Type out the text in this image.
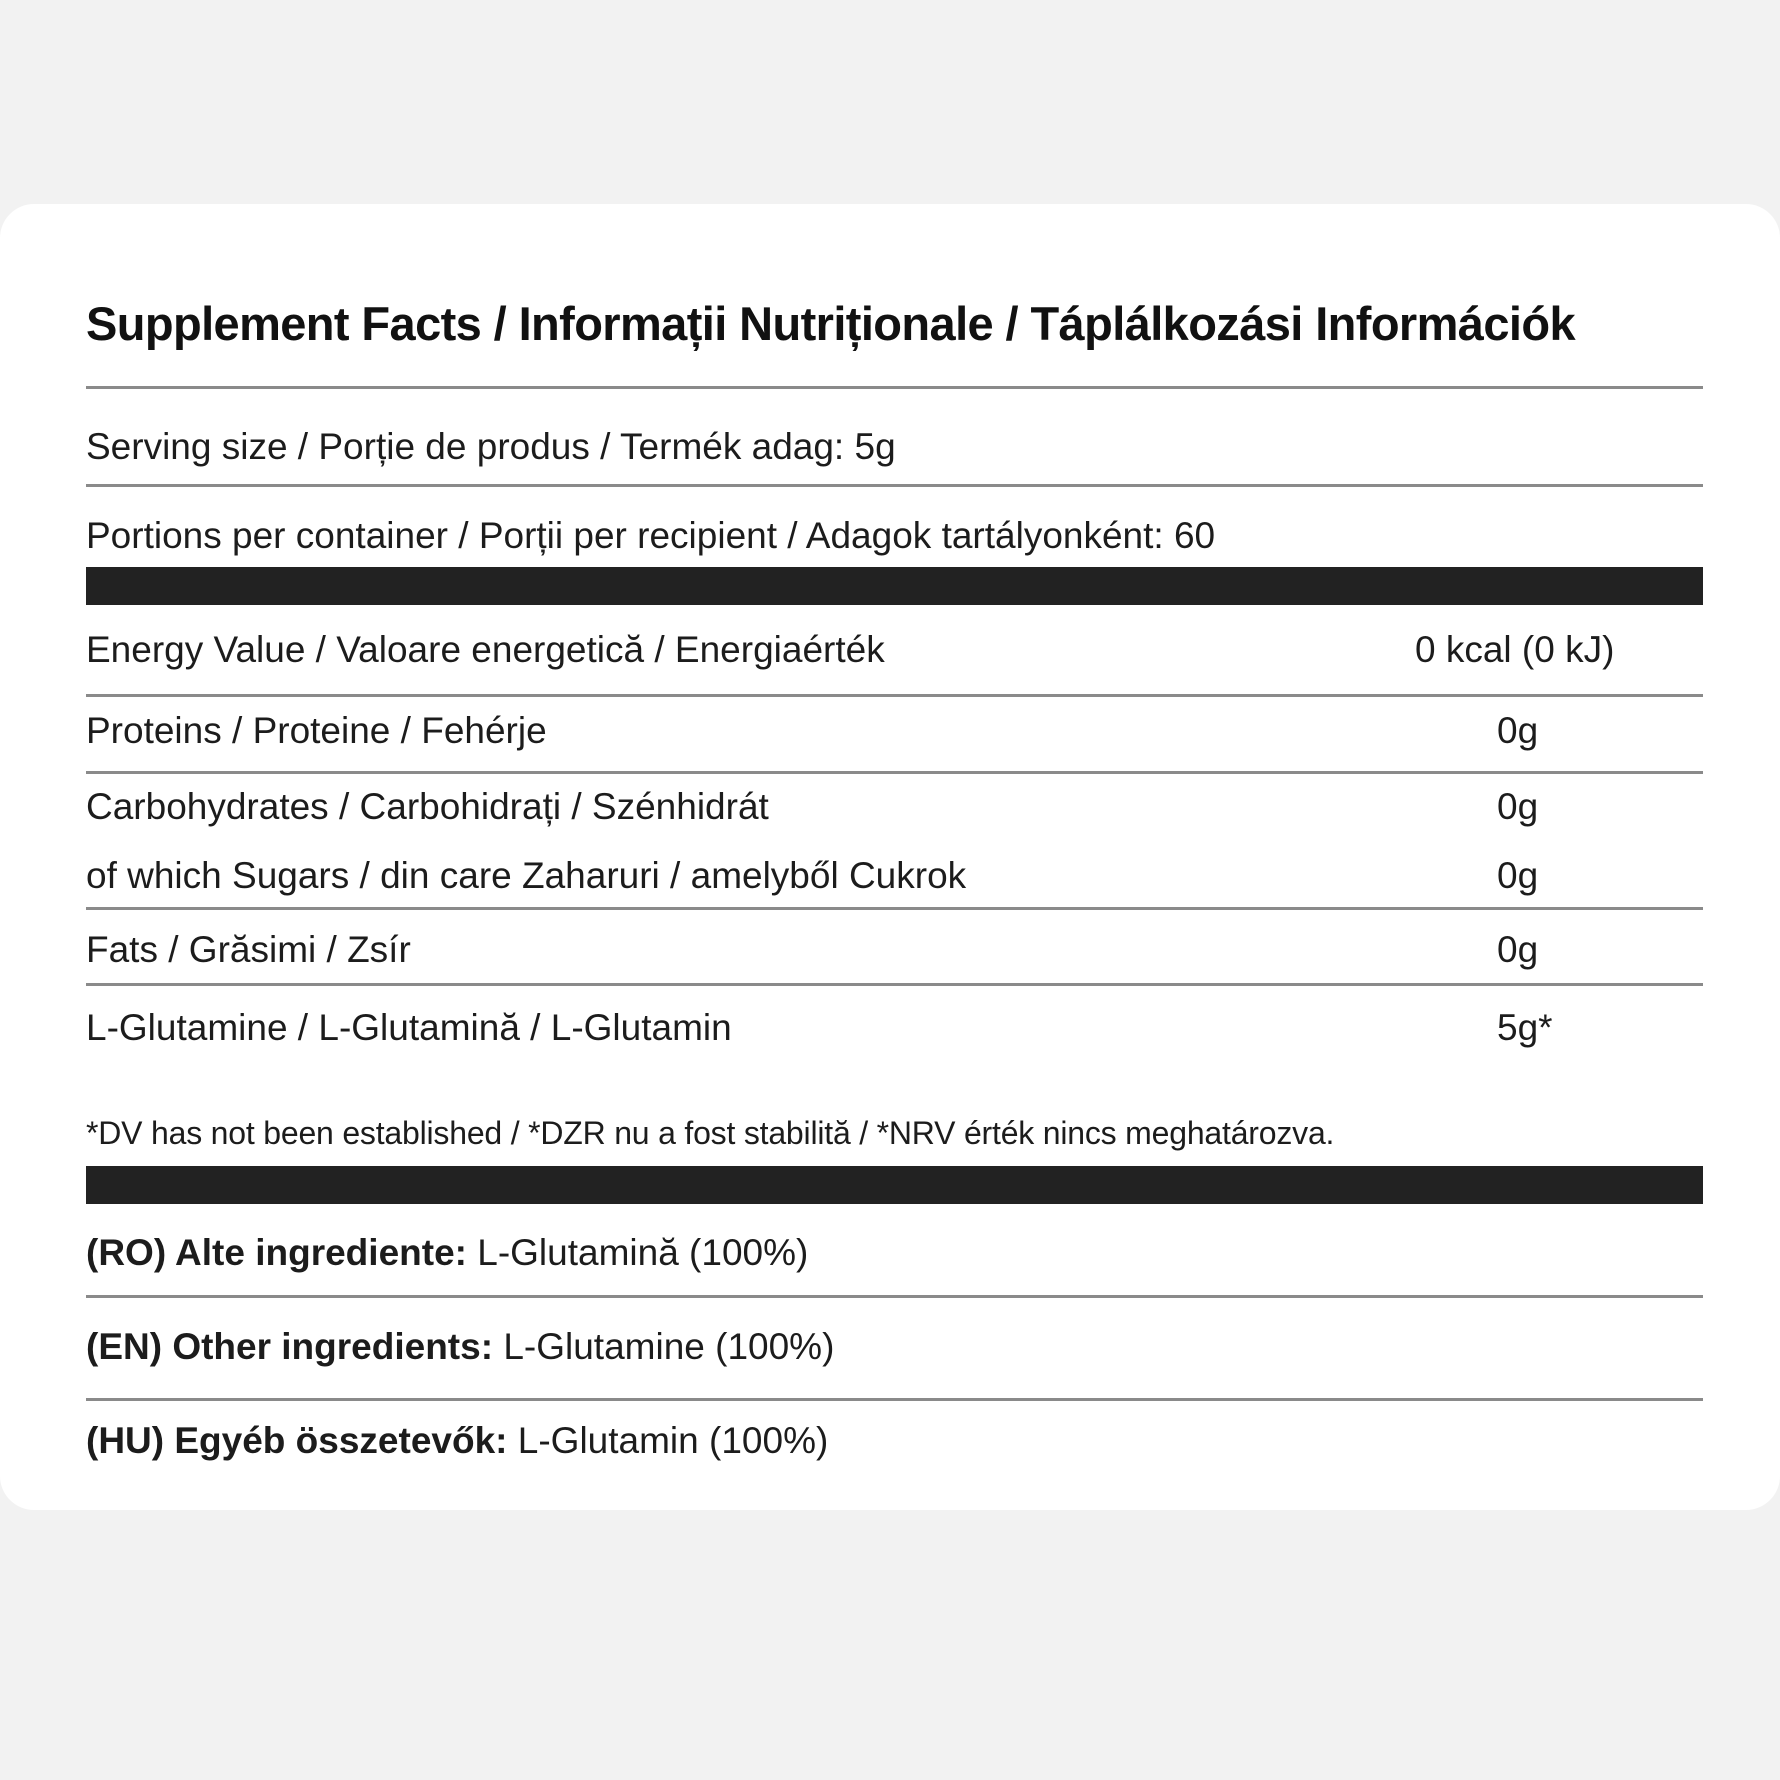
Supplement Facts / Informații Nutriționale / Táplálkozási Információk
Serving size / Porție de produs / Termék adag: 5g
Portions per container / Porții per recipient / Adagok tartályonként: 60
Energy Value / Valoare energetică / Energiaérték	0 kcal (0 kJ)
Proteins / Proteine / Fehérje	0g
Carbohydrates / Carbohidrați / Szénhidrát	0g
of which Sugars / din care Zaharuri / amelyből Cukrok	0g
Fats / Grăsimi / Zsír	0g
L-Glutamine / L-Glutamină / L-Glutamin	5g*
*DV has not been established / *DZR nu a fost stabilită / *NRV érték nincs meghatározva.
(RO) Alte ingrediente: L-Glutamină (100%)
(EN) Other ingredients: L-Glutamine (100%)
(HU) Egyéb összetevők: L-Glutamin (100%)
